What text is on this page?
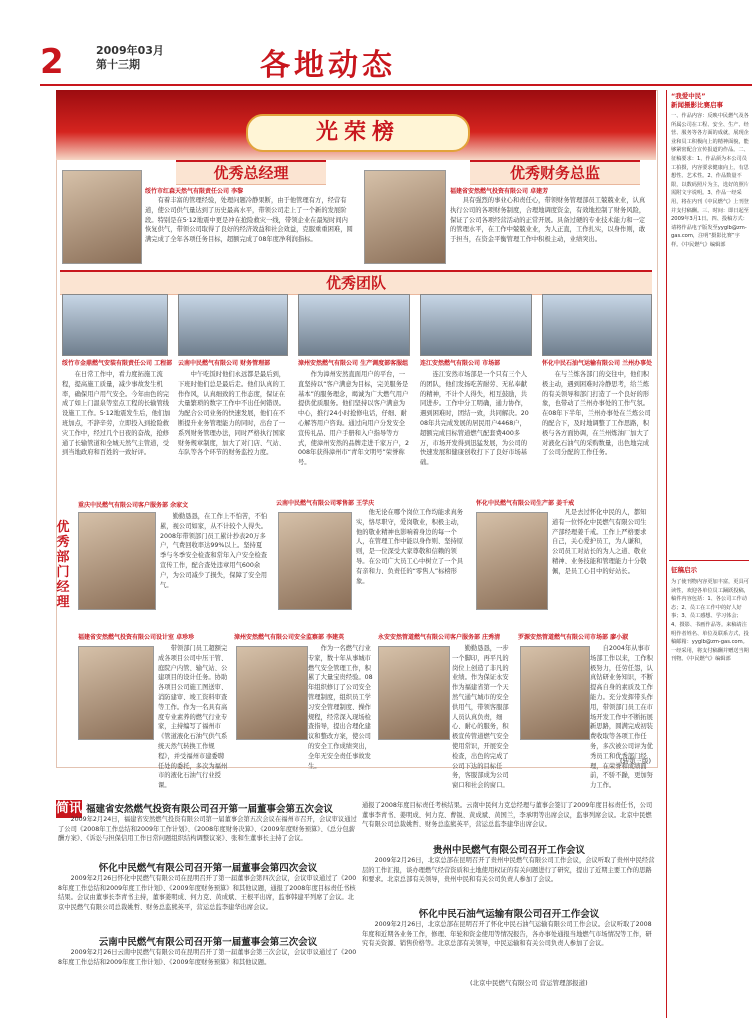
2	2009年03月
第十三期	各地动态
光荣榜
优秀总经理
绥竹市红森天然气有限责任公司 李黎
有着丰富的管理经验，处理问题冷静果断，由于他管理有方，经营有道，使公司供气量达到了历史最高水平，带领公司走上了一个新的发展阶段。特别是在5·12地震中更是冲在抢险救灾一线，带领企业在最短时间内恢复供气，带领公司取得了良好的经济效益和社会效益，克服重重困难，圆满完成了全年各项任务目标，超额完成了08年度净利润指标。
优秀财务总监
福建省安然燃气投资有限公司 卓建芳
具有强烈的事业心和责任心，带领财务管理部员工兢兢业业，认真执行公司的各项财务制度，合理地调度资金，有效地控制了财务风险，保证了公司各项经营活动的正常开展。具备过硬的专业技术能力和一定的管理水平，在工作中兢兢业业，为人正直，工作扎实，以身作则，敢于担当，在资金平衡管理工作中积极主动，业绩突出。
优秀团队
绥竹市金鼎燃气安装有限责任公司 工程部
在日常工作中，看力度拓施工流程，提高施工质量，减少事故发生机率，确保用户用气安全。今年由色的完成了如上门温泉等室点工程的长输管线设施工工作。5·12地震发生后，他们加班加点，不辞辛劳，立即投入到抢险救灾工作中，经过几个日夜的奋战，抢修通了长输管道和全城天然气主管道，受到当地政府和百姓的一致好评。
云南中民燃气有限公司 财务管理部
中午吃饭时他们永远都是最后到，下班时他们总是最后走。他们认真的工作作风，认真细致的工作态度，保证在大量繁琐的数字工作中不出任何错误。为配合公司业务的快速发展，他们在不断提升业务管理能力的同时，出台了一系列财务管理办法，同时严格执行国家财务规章制度，加大了对门店、气站、车队等各个环节的财务监控力度。
漳州安然燃气有限公司 生产调度部客服组
作为漳州安然直面用户的平台，一直坚持以“客户满意为目标，完美服务是基本”的服务理念，竭诚为广大燃气用户提供优质服务。他们坚持以客户满意为中心，推行24小时抢修电话，仔细、耐心解答用户咨询。通过向用户分发安全宣传礼品、用户手册和入户指导等方式，使漳州安然的品牌走进千家万户，2008年获得漳州市“青年文明号”荣誉称号。
连江安然燃气有限公司 市场部
连江安然市场部是一个只有三个人的团队，他们发扬吃苦耐劳、无私奉献的精神，不计个人得失，相互鼓励，共同进步。工作中分工明确，通力协作，遇到困难时，团结一致，共同解决。2008年共完成发展的居民用户4468户，超额完成目标管道燃气配套费400多万，市场开发得到迅猛发展，为公司的快速发展和健康创收打下了良好市场基础。
怀化中民石油气运输有限公司 兰州办事处
在与兰炼各部门的交往中，他们积极主动，遇到困难时冷静思考，给兰炼的有关领导和部门打造了一个良好的形象，也带动了兰州办事处的工作气氛。在08年下半年，兰州办事处在兰炼公司的配合下，及时地调整了工作思路，积极与各方面协调，在兰州炼油厂加大了对液化石油气的采购数量，出色地完成了公司分配的工作任务。
优秀部门经理
重庆中民燃气有限公司客户服务部 余家文
勤勤恳恳，在工作上不怕苦，不怕累，视公司如家，从不计较个人得失。2008年带领部门员工累计抄表20万多户，气费回收率达99%以上。坚持夏季与冬季安全检查和常年入户安全检查宣传工作，配合查处违章用气600余户，为公司减少了损失，保障了安全用气。
云南中民燃气有限公司零售部 王学庆
他无论在哪个岗位工作均能求真务实，恪尽职守，爱岗敬业，积极主动，他的敬业精神也影响着身边的每一个人，在管理工作中能以身作则、坚持原则，是一位深受大家尊敬和信赖的领导。在公司广大员工心中树立了一个具有亲和力、负责任的“零售人”标榜形象。
怀化中民燃气有限公司生产部 姜千戒
凡是去过怀化中民的人，都知道有一位怀化中民燃气有限公司生产部经理姜千戒。工作上严格要求自己，关心爱护员工，为人谦和，公司员工对站长的为人之道、敬业精神、业务技能和管理能力十分敬佩，是员工心目中的好站长。
福建省安然燃气投资有限公司设计室 卓珍珍
带领部门员工超额完成各项目公司中压干管、庭院户内管、输气站、公建项目的设计任务。协助各项目公司施工图送审、消防建审、竣工资料审查等工作。作为一名具有高度专业素养的燃气行业专家，主持编写了福州市《管道液化石油气供气系统天然气转换工作规程》，并受福州市建委聘任处的委托，多次为福州市的液化石油气行业授课。
漳州安然燃气有限公司安全监察部 李建英
作为一名燃气行业专家，数十年从事城市燃气安全管理工作，积累了大量宝贵经验。08年组织修订了公司安全管理制度，组织员工学习安全管理制度、操作规程，经常深入现场检查指导，提出合理化建议和整改方案，使公司的安全工作成绩突出，全年无安全责任事故发生。
永安安然管道燃气有限公司客户服务部 庄秀清
勤勤恳恳，一步一个脚印，再平凡的岗位上创造了非凡的业绩。作为保证永安作为福建省第一个天然气通气城市的安全供用气，带领客服部人员认真负责，细心、耐心的服务，积极宣传管道燃气安全使用常识，开展安全检查，出色的完成了公司下达的目标任务，客服部成为公司窗口和社会的窗口。
罗源安然管道燃气有限公司市场部 廖小淑
自2004年从事市场部工作以来，工作积极努力，任劳任怨，认真钻研业务知识，不断提高自身的素质及工作能力。充分发挥带头作用，带领部门员工在市场开发工作中不断拓展新思路，圆满完成初装费收取等各项工作任务，多次被公司评为优秀员工和优秀部门经理，在荣誉和成绩面前，不骄不躁，更加努力工作。
(转第三版)
简讯 福建省安然燃气投资有限公司召开第一届董事会第五次会议
2009年2月24日，福建省安然燃气投资有限公司第一届董事会第五次会议在福州市召开，会议审议通过了公司《2008年工作总结和2009年工作计划》、《2008年度财务决算》、《2009年度财务预算》、《总分包薪酬方案》、《诉讼与担保信用工作日常问题组织结构调整议案》、张和生董事长主持了会议。
怀化中民燃气有限公司召开第一届董事会第四次会议
2009年2月26日怀化中民燃气有限公司在昆明召开了第一届董事会第四次会议，会议审议通过了《2008年度工作总结和2009年度工作计划》、《2009年度财务预算》和其他议题，通报了2008年度目标责任书核结果。会议由董事长李青书主持，董事姜明成、何力克、黄成斌、王根平出席，监事韩建平列席了会议。北京中民燃气有限公司总裁姚哲、财务总监熊英平，营运总监李建华出席会议。
云南中民燃气有限公司召开第一届董事会第三次会议
2009年2月26日云南中民燃气有限公司在昆明召开了第一届董事会第三次会议，会议审议通过了《2008年度工作总结和2009年度工作计划》、《2009年度财务预算》和其他议题。
通报了2008年度目标责任考核结果。云南中民何力克总经理与董事会签订了2009年度目标责任书，公司董事李青书、姜明成、何力克、曹锐、黄成斌、黄国兰，李承明等出席会议，监事列席会议。北京中民燃气有限公司总裁姚哲、财务总监熊英平，营运总监李建华出席会议。
贵州中民燃气有限公司召开工作会议
2009年2月26日，北京总部在昆明召开了贵州中民燃气有限公司工作会议，会议听取了贵州中民经营层的工作汇报，谈办理燃气经营资质和土地使用权证的有关问题进行了研究，提出了近期主要工作的思路和要求。北京总部有关领导，贵州中民和有关公司负责人参加了会议。
怀化中民石油气运输有限公司召开工作会议
2009年2月26日，北京总部在昆明召开了怀化中民石油气运输有限公司工作会议。会议听取了2008年度和近期各业务工作，修理、年轮和资金使用等情况报告，各办事处通报当地燃气市场情况等工作，研究有关资源、销售价格等。北京总部有关领导，中民运输和有关公司负责人参加了会议。
(北京中民燃气有限公司 营运管理部报道)
“我爱中民”
新闻摄影比赛启事
一、作品内容：反映中民燃气及各所属公司在工程、安全、生产、经营、服务等各方面的成就，展现企业和员工积极向上的精神面貌，能够紧密配合宣传报道的作品。二、征稿要求：1、作品须为本公司员工拍摄，内容要求健康向上，有思想性、艺术性。2、作品数量不限，以数码照片为主，选好的照片需附文字说明。3、作品一经采用，将在内刊《中民燃气》上刊登并支付稿酬。三、时间：即日起至2009年3月1日。四、投稿方式：请将作品电子版发至yyglb@zm-gas.com，注明“摄影比赛”字样。《中民燃气》编辑部
征稿启示
为了使刊物内容更加丰富，更具可读性，欢迎各单位员工踊跃投稿，稿件内容包括：1、各公司工作动态；2、员工在工作中的好人好事；3、员工感想、学习体会；4、摄影、书画作品等。来稿请注明作者姓名、单位及联系方式，投稿邮箱：yyglb@zm-gas.com。一经采用，将支付稿酬并赠送当期刊物。《中民燃气》编辑部
